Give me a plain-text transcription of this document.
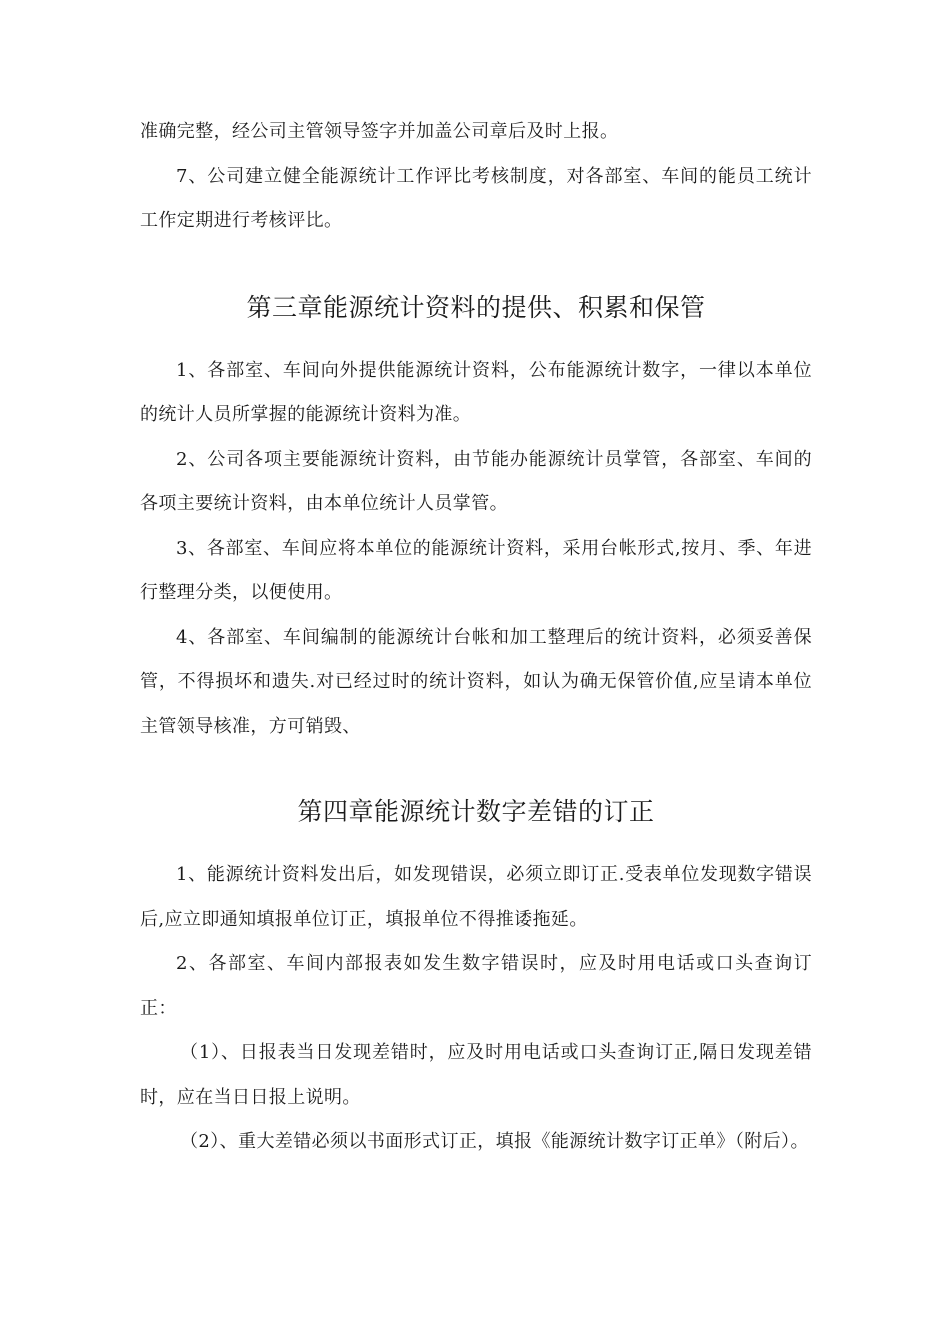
准确完整，经公司主管领导签字并加盖公司章后及时上报。

7、公司建立健全能源统计工作评比考核制度，对各部室、车间的能员工统计工作定期进行考核评比。

第三章能源统计资料的提供、积累和保管

1、各部室、车间向外提供能源统计资料，公布能源统计数字，一律以本单位的统计人员所掌握的能源统计资料为准。

2、公司各项主要能源统计资料，由节能办能源统计员掌管，各部室、车间的各项主要统计资料，由本单位统计人员掌管。

3、各部室、车间应将本单位的能源统计资料，采用台帐形式,按月、季、年进行整理分类，以便使用。

4、各部室、车间编制的能源统计台帐和加工整理后的统计资料，必须妥善保管，不得损坏和遗失.对已经过时的统计资料，如认为确无保管价值,应呈请本单位主管领导核准，方可销毁、

第四章能源统计数字差错的订正

1、能源统计资料发出后，如发现错误，必须立即订正.受表单位发现数字错误后,应立即通知填报单位订正，填报单位不得推诿拖延。

2、各部室、车间内部报表如发生数字错误时，应及时用电话或口头查询订正：

（1）、日报表当日发现差错时，应及时用电话或口头查询订正,隔日发现差错时，应在当日日报上说明。

（2）、重大差错必须以书面形式订正，填报《能源统计数字订正单》（附后）。
